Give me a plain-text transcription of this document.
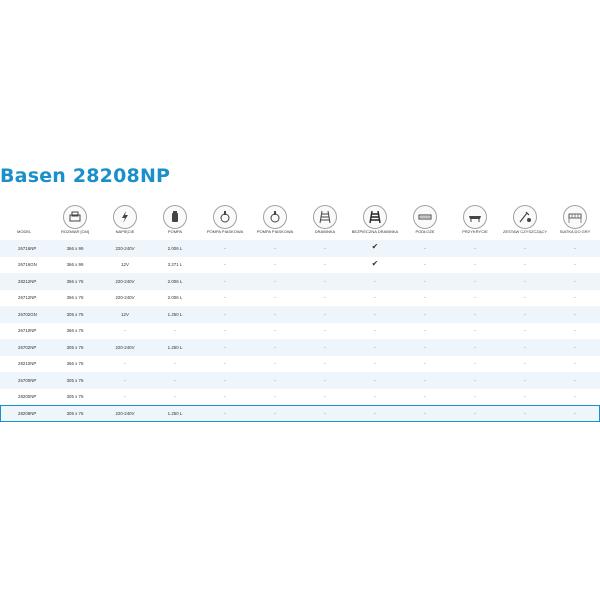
Basen 28208NP
MODEL	ROZMIAR [CM]	NAPIĘCIE	POMPA	POMPA PIASKOWA	POMPA PIASKOWA	DRABINKA	BEZPIECZNA DRABINKA	PODŁOŻE	PRZYKRYCIE	ZESTAW CZYSZCZĄCY	SIATKA DO GRY
26716NP	366 x 99	220-240V	2.006 L	-	-	-	✔	-	-	-	-
26716GN	366 x 99	12V	3.271 L	-	-	-	✔	-	-	-	-
28212NP	366 x 76	220-240V	2.006 L	-	-	-	-	-	-	-	-
26712NP	366 x 76	220-240V	2.006 L	-	-	-	-	-	-	-	-
26702GN	305 x 76	12V	1.250 L	-	-	-	-	-	-	-	-
26710NP	366 x 76	-	-	-	-	-	-	-	-	-	-
26702NP	305 x 76	220-240V	1.250 L	-	-	-	-	-	-	-	-
28210NP	366 x 76	-	-	-	-	-	-	-	-	-	-
26700NP	305 x 76	-	-	-	-	-	-	-	-	-	-
28200NP	305 x 76	-	-	-	-	-	-	-	-	-	-
28208NP	305 x 76	220-240V	1.250 L	-	-	-	-	-	-	-	-
